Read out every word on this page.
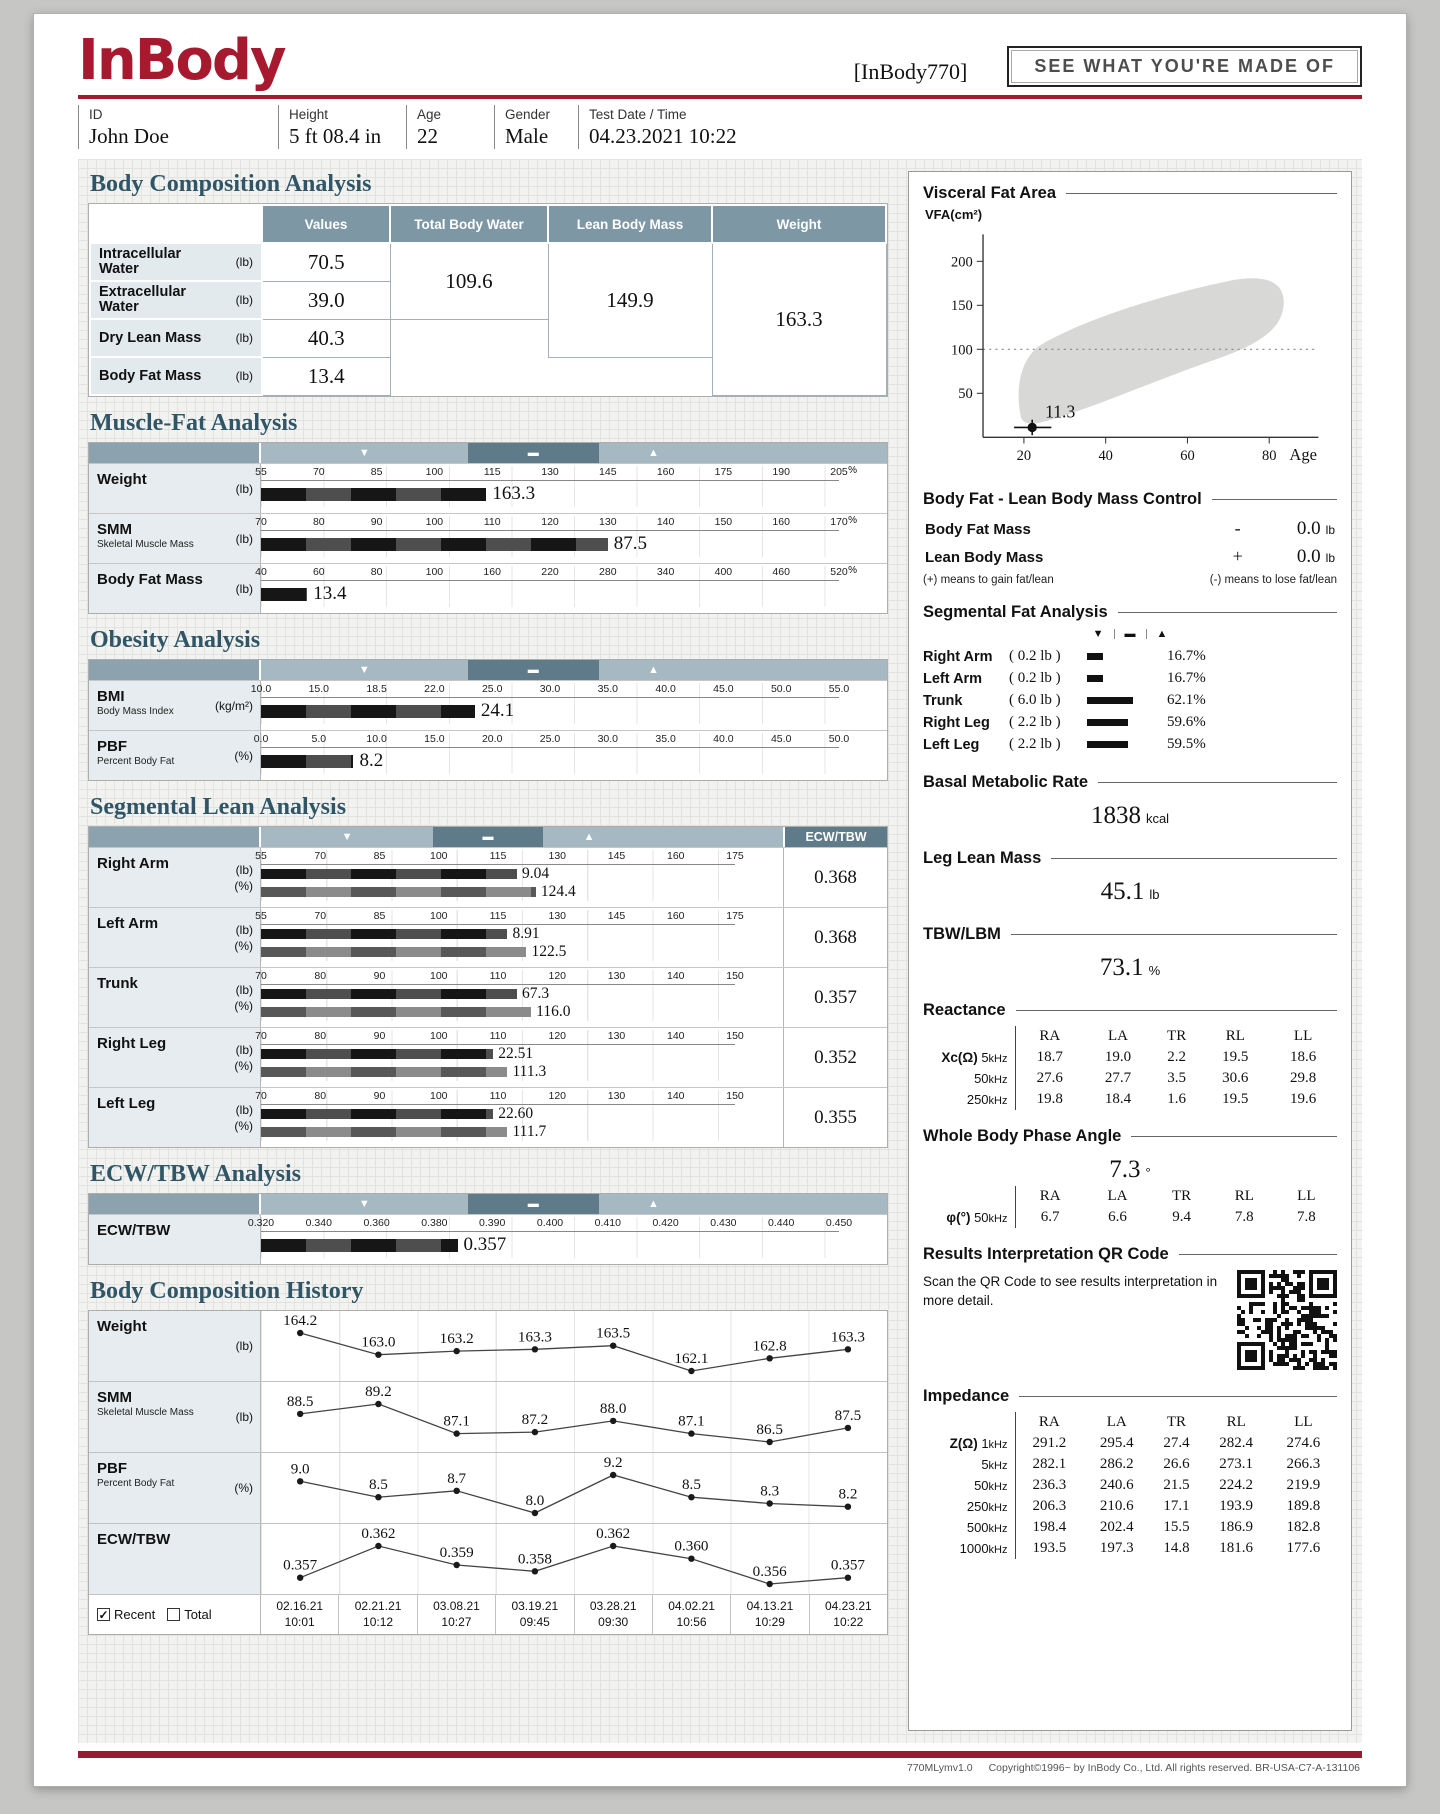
InBody	[InBody770]	SEE WHAT YOU'RE MADE OF
ID
John Doe
Height
5 ft 08.4 in
Age
22
Gender
Male
Test Date / Time
04.23.2021 10:22
Body Composition Analysis
	Values	Total Body Water	Lean Body Mass	Weight
Intracellular Water (lb)	70.5	109.6	149.9	163.3
Extracellular Water (lb)	39.0			
Dry Lean Mass (lb)	40.3			
Body Fat Mass (lb)	13.4			
Muscle-Fat Analysis
▼	▬	▲
Weight
(lb)
55	70	85	100	115	130	145	160	175	190	205 %
163.3
SMM
Skeletal Muscle Mass	(lb)
70	80	90	100	110	120	130	140	150	160	170 %
87.5
Body Fat Mass
(lb)
40	60	80	100	160	220	280	340	400	460	520 %
13.4
Obesity Analysis
▼	▬	▲
BMI
Body Mass Index	(kg/m²)
10.0	15.0	18.5	22.0	25.0	30.0	35.0	40.0	45.0	50.0	55.0
24.1
PBF
Percent Body Fat	(%)
0.0	5.0	10.0	15.0	20.0	25.0	30.0	35.0	40.0	45.0	50.0
8.2
Segmental Lean Analysis
▼	▬	▲	ECW/TBW
Right Arm	(lb)
(%)
55	70	85	100	115	130	145	160	175
9.04
124.4
0.368
Left Arm	(lb)
(%)
55	70	85	100	115	130	145	160	175
8.91
122.5
0.368
Trunk	(lb)
(%)
70	80	90	100	110	120	130	140	150
67.3
116.0
0.357
Right Leg	(lb)
(%)
70	80	90	100	110	120	130	140	150
22.51
111.3
0.352
Left Leg	(lb)
(%)
70	80	90	100	110	120	130	140	150
22.60
111.7
0.355
ECW/TBW Analysis
▼	▬	▲
ECW/TBW	0.320	0.340	0.360	0.380	0.390	0.400	0.410	0.420	0.430	0.440	0.450
0.357
Body Composition History
Weight
(lb)
164.2
163.0	163.2	163.3	163.5
162.1
162.8
163.3
SMM
Skeletal Muscle Mass	(lb)
88.5
89.2
87.1	87.2
88.0
87.1
86.5
87.5
PBF
Percent Body Fat	(%)
9.0
8.5	8.7
8.0
9.2
8.5	8.3	8.2
ECW/TBW
0.357
0.362
0.359	0.358
0.362
0.360
0.356	0.357
✓ Recent	Total
02.16.21
10:01
02.21.21
10:12
03.08.21
10:27
03.19.21
09:45
03.28.21
09:30
04.02.21
10:56
04.13.21
10:29
04.23.21
10:22
Visceral Fat Area
VFA(cm²)
200
150
100
50
20	40	60	80 Age
11.3
Body Fat - Lean Body Mass Control
Body Fat Mass	-	0.0 lb
Lean Body Mass	+	0.0 lb
(+) means to gain fat/lean	(-) means to lose fat/lean
Segmental Fat Analysis
▼ ▬ ▲
Right Arm	( 0.2 lb )	16.7%
Left Arm	( 0.2 lb )	16.7%
Trunk	( 6.0 lb )	62.1%
Right Leg	( 2.2 lb )	59.6%
Left Leg	( 2.2 lb )	59.5%
Basal Metabolic Rate
1838 kcal
Leg Lean Mass
45.1 lb
TBW/LBM
73.1 %
Reactance
	RA	LA	TR	RL	LL
Xc(Ω) 5kHz	18.7	19.0	2.2	19.5	18.6
50kHz	27.6	27.7	3.5	30.6	29.8
250kHz	19.8	18.4	1.6	19.5	19.6
Whole Body Phase Angle
7.3 °
	RA	LA	TR	RL	LL
φ(°) 50kHz	6.7	6.6	9.4	7.8	7.8
Results Interpretation QR Code

Scan the QR Code to see results interpretation in more detail.

Impedance
	RA	LA	TR	RL	LL
Z(Ω) 1kHz	291.2	295.4	27.4	282.4	274.6
5kHz	282.1	286.2	26.6	273.1	266.3
50kHz	236.3	240.6	21.5	224.2	219.9
250kHz	206.3	210.6	17.1	193.9	189.8
500kHz	198.4	202.4	15.5	186.9	182.8
1000kHz	193.5	197.3	14.8	181.6	177.6
770MLymv1.0 Copyright©1996~ by InBody Co., Ltd. All rights reserved. BR-USA-C7-A-131106
